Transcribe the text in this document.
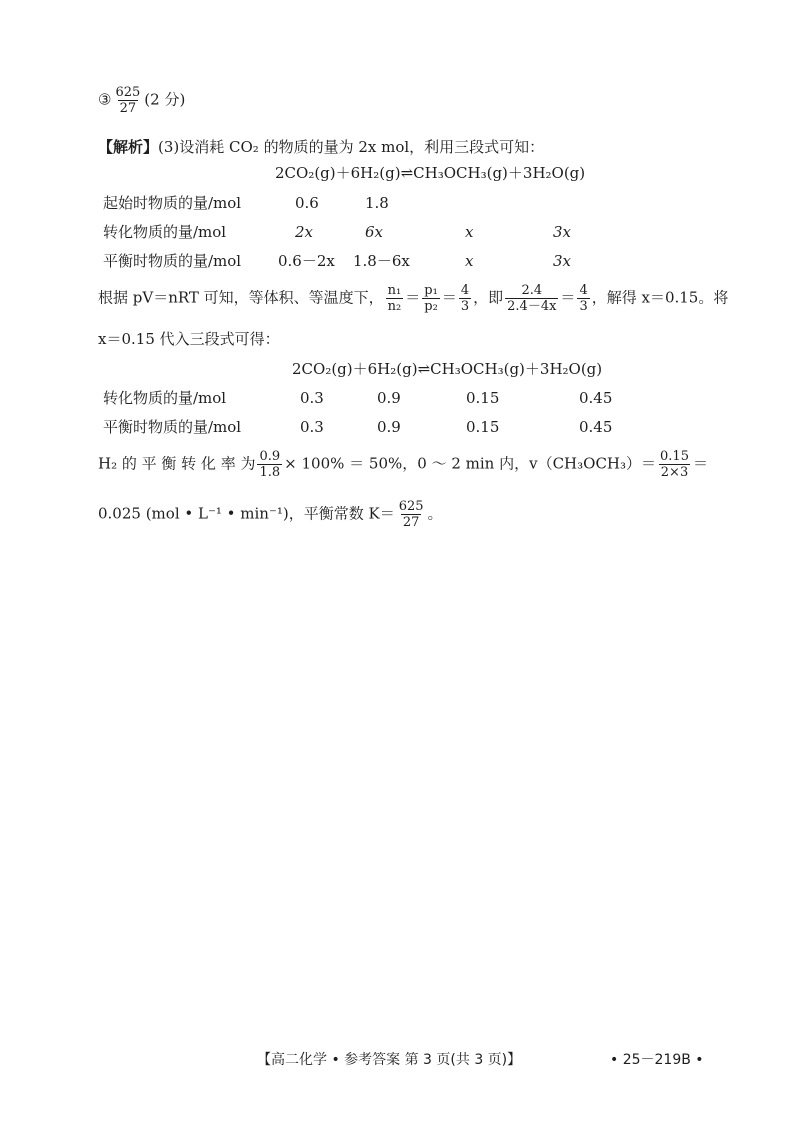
③ $\frac{625}{27} (2$ 分)
【解析】(3)设消耗 CO₂ 的物质的量为 2x mol，利用三段式可知：
2CO₂(g)＋6H₂(g)⇌CH₃OCH₃(g)＋3H₂O(g)
起始时物质的量/mol	0.6	1.8
转化物质的量/mol	2x	6x	x	3x
平衡时物质的量/mol 0.6－2x 1.8－6x	x	3x
根据 pV＝nRT 可知，等体积、等温度下， $\frac{\text{n₁}}{\text{n₂}} = \frac{\text{p₁}}{\text{p₂}} = \frac{4}{3}$ ，即 $\frac{2.4}{2.4-4x} = \frac{4}{3}$ ，解得 x＝0.15。将
x＝0.15 代入三段式可得：
2CO₂(g)＋6H₂(g)⇌CH₃OCH₃(g)＋3H₂O(g)
转化物质的量/mol	0.3	0.9	0.15	0.45
平衡时物质的量/mol	0.3	0.9	0.15	0.45
H₂ 的 平 衡 转 化 率 为 $\frac{0.9}{1.8} \times 100\% = 50\%$，0 ～ 2 min 内，$v(CH_3OCH_3)= \frac{0.15}{2\times 3}$ ＝
0.025 (mol • L⁻¹ • min⁻¹)，平衡常数 $K= \frac{625}{27}$ 。
【高二化学 • 参考答案 第 3 页(共 3 页)】	• 25－219B •
